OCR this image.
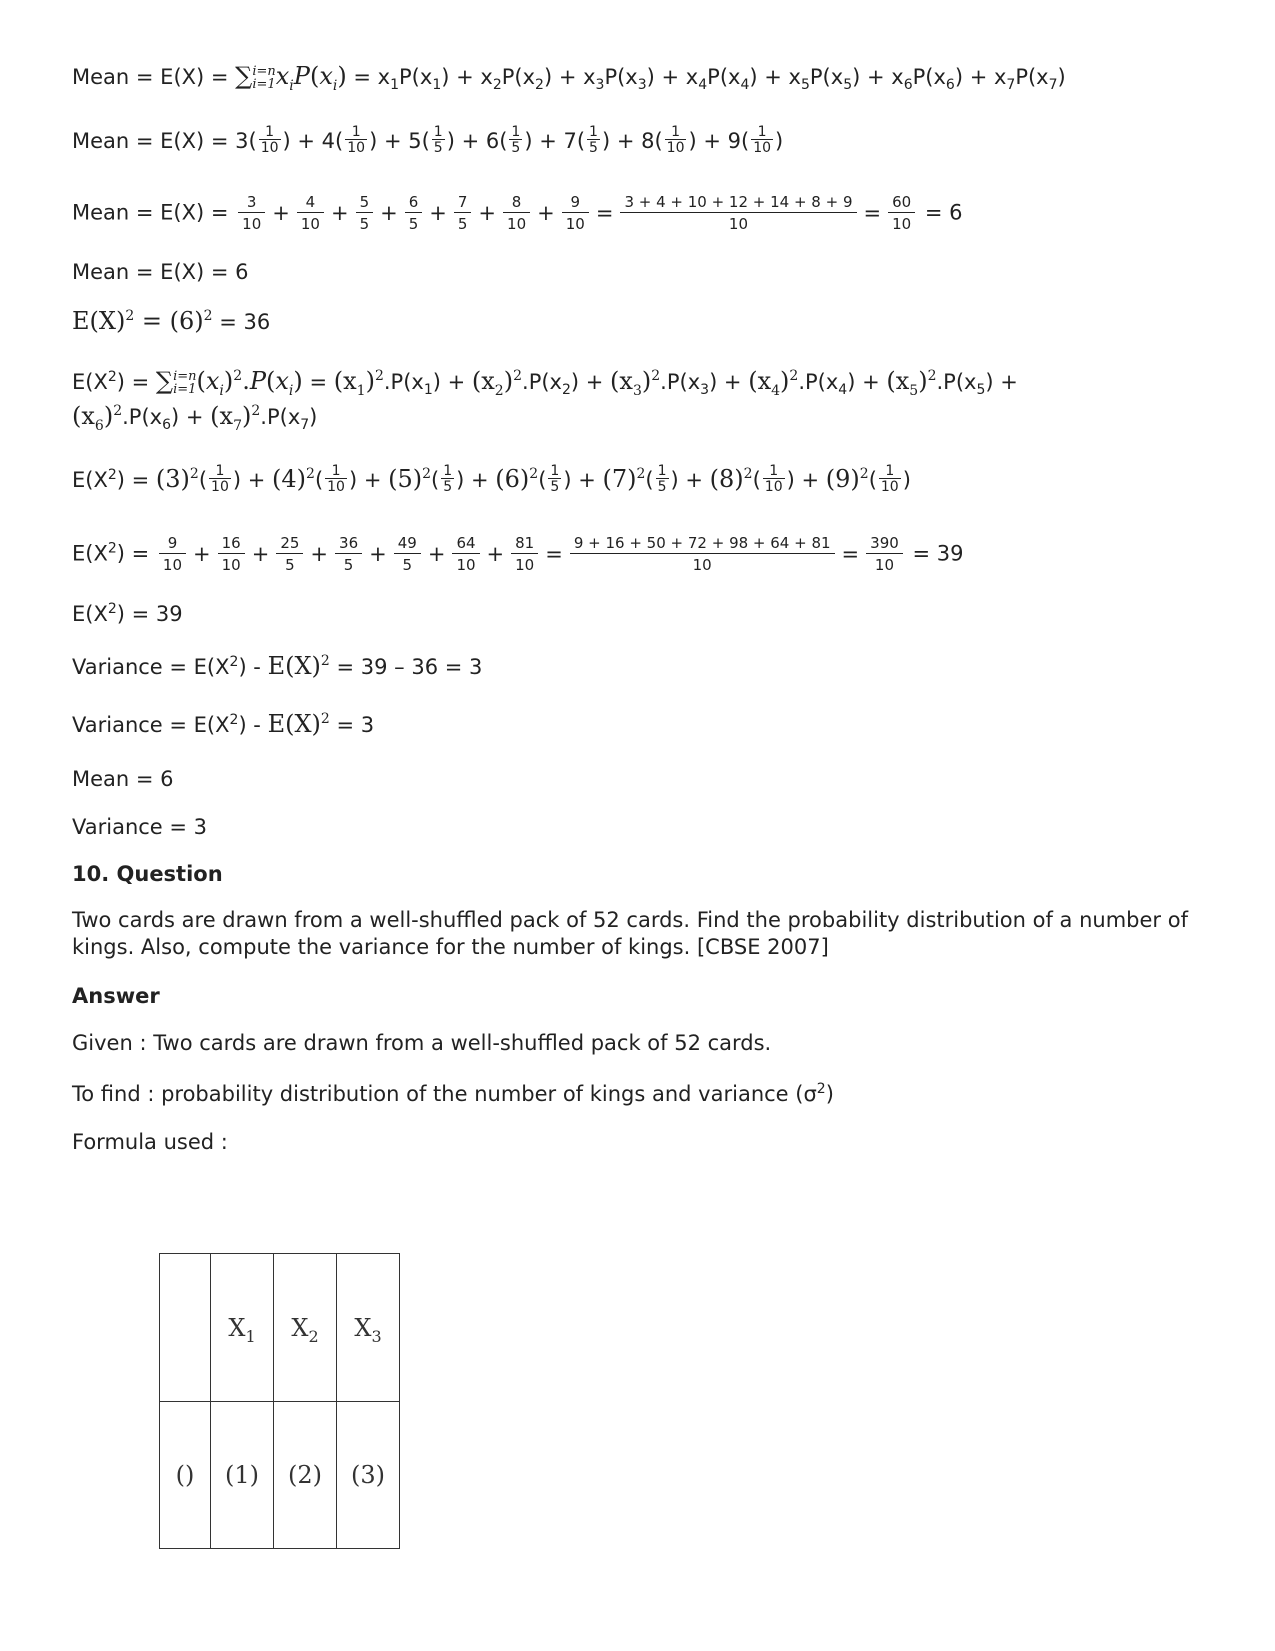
Mean = E(X) = ∑ i=n
i=1 $x_iP(x_i) = x_1P(x_1) + x_2P(x_2) + x_3P(x_3) + x_4P(x_4) + x_5P(x_5) + x_6P(x_6) + x_7P(x_7)$
Mean = $E(X) = 3( \frac{1}{10}$ ) + $4( \frac{1}{10}$ ) + $5( \frac{1}{5}$ ) + $6( \frac{1}{5}$ ) + $7( \frac{1}{5}$ ) + $8( \frac{1}{10}$ ) + $9( \frac{1}{10}$ )
Mean = $E(X) = \frac{3}{10} + \frac{4}{10} + \frac{5}{5} + \frac{6}{5} + \frac{7}{5} + \frac{8}{10} + \frac{9}{10} = \frac{3 + 4 + 10 + 12 + 14 + 8 + 9}{10} = \frac{60}{10} = 6$
Mean = E(X) = 6
$E(X)^2 = (6)^2 = 36$
$E(X^2)$ = ∑ i=n
i=1 $(x_i)^2.P(x_i) = (x_1)^2.P(x_1) + (x_2)^2.P(x_2) + (x_3)^2.P(x_3) + (x_4)^2.P(x_4) + (x_5)^2.P(x_5)$ +
$(x_6)^2.P(x_6) + (x_7)^2.P(x_7)$
$E(X^2) = (3)^2( \frac{1}{10}$ ) + $(4)^2( \frac{1}{10}$ ) + $(5)^2( \frac{1}{5}$ ) + $(6)^2( \frac{1}{5}$ ) + $(7)^2( \frac{1}{5}$ ) + $(8)^2( \frac{1}{10}$ ) + $(9)^2( \frac{1}{10}$ )
$E(X^2) = \frac{9}{10} + \frac{16}{10} + \frac{25}{5} + \frac{36}{5} + \frac{49}{5} + \frac{64}{10} + \frac{81}{10} = \frac{9 + 16 + 50 + 72 + 98 + 64 + 81}{10} = \frac{390}{10} = 39$
$E(X^2) = 39$
Variance = $E(X^2) - E(X)^2 = 39 - 36 = 3$
Variance = $E(X^2) - E(X)^2 = 3$
Mean = 6
Variance = 3
10. Question
Two cards are drawn from a well-shuffled pack of 52 cards. Find the probability distribution of a number of kings. Also, compute the variance for the number of kings. [CBSE 2007]
Answer
Given : Two cards are drawn from a well-shuffled pack of 52 cards.
To find : probability distribution of the number of kings and variance $(\sigma^2)$
Formula used :
	$X_1$	$X_2$	$X_3$
()	(1)	(2)	(3)
